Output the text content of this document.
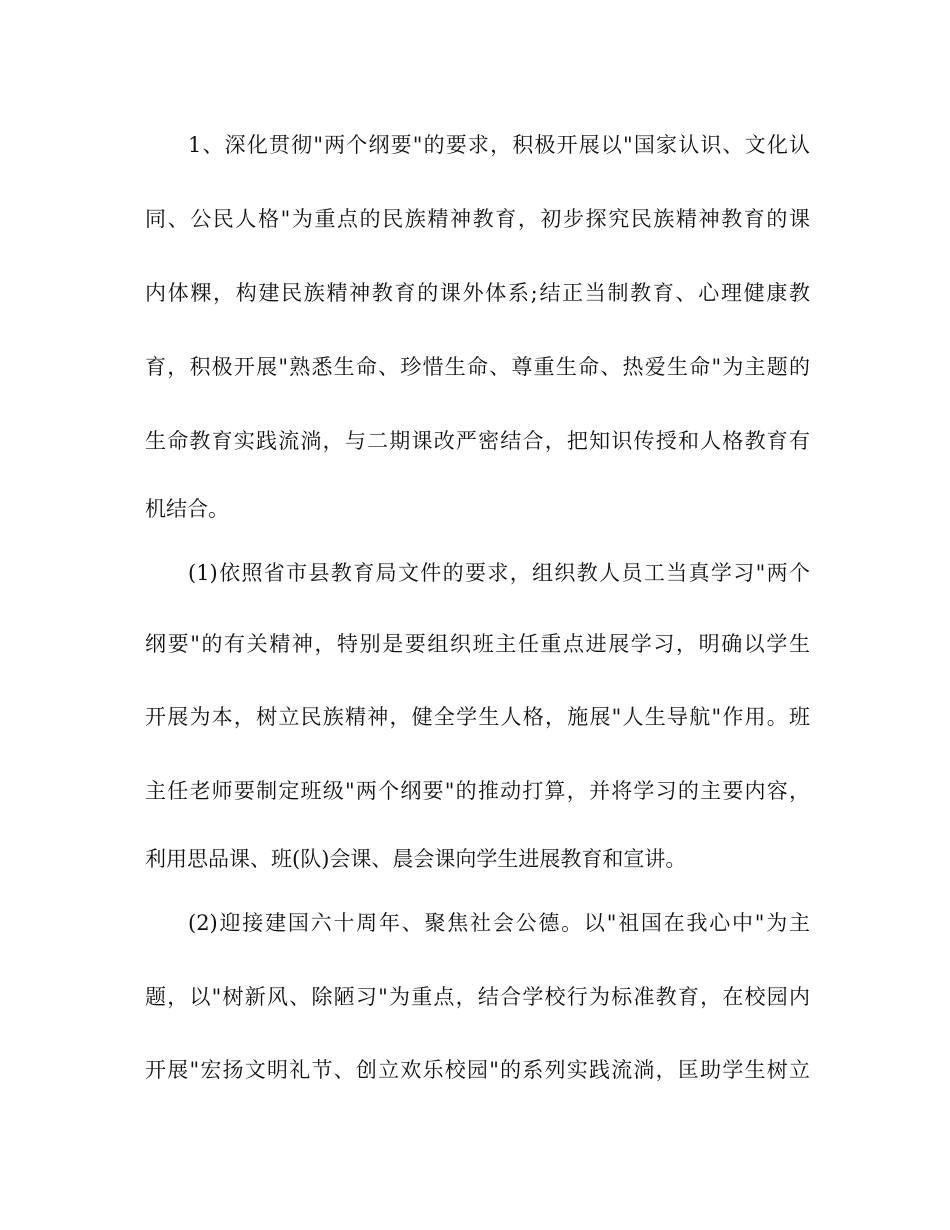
1、深化贯彻"两个纲要"的要求，积极开展以"国家认识、文化认
同、公民人格"为重点的民族精神教育，初步探究民族精神教育的课
内体粿，构建民族精神教育的课外体系;结正当制教育、心理健康教
育，积极开展"熟悉生命、珍惜生命、尊重生命、热爱生命"为主题的
生命教育实践流淌，与二期课改严密结合，把知识传授和人格教育有
机结合。
(1)依照省市县教育局文件的要求，组织教人员工当真学习"两个
纲要"的有关精神，特别是要组织班主任重点进展学习，明确以学生
开展为本，树立民族精神，健全学生人格，施展"人生导航"作用。班
主任老师要制定班级"两个纲要"的推动打算，并将学习的主要内容，
利用思品课、班(队)会课、晨会课向学生进展教育和宣讲。
(2)迎接建国六十周年、聚焦社会公德。以"祖国在我心中"为主
题，以"树新风、除陋习"为重点，结合学校行为标准教育，在校园内
开展"宏扬文明礼节、创立欢乐校园"的系列实践流淌，匡助学生树立
